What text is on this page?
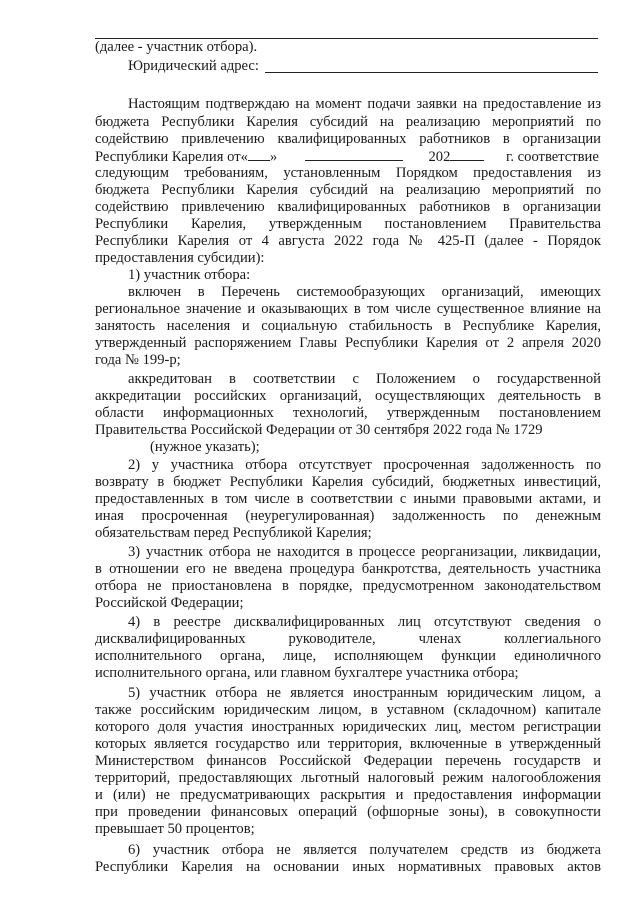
(далее - участник отбора).
Юридический адрес:
Настоящим подтверждаю на момент подачи заявки на предоставление из
бюджета Республики Карелия субсидий на реализацию мероприятий по
содействию привлечению квалифицированных работников в организации
Республики Карелия от« »	202	г. соответствие
следующим требованиям, установленным Порядком предоставления из
бюджета Республики Карелия субсидий на реализацию мероприятий по
содействию привлечению квалифицированных работников в организации
Республики Карелия, утвержденным постановлением Правительства
Республики Карелия от 4 августа 2022 года № 425-П (далее - Порядок
предоставления субсидии):
1) участник отбора:
включен в Перечень системообразующих организаций, имеющих
региональное значение и оказывающих в том числе существенное влияние на
занятость населения и социальную стабильность в Республике Карелия,
утвержденный распоряжением Главы Республики Карелия от 2 апреля 2020
года № 199-р;
аккредитован в соответствии с Положением о государственной
аккредитации российских организаций, осуществляющих деятельность в
области информационных технологий, утвержденным постановлением
Правительства Российской Федерации от 30 сентября 2022 года № 1729
(нужное указать);
2) у участника отбора отсутствует просроченная задолженность по
возврату в бюджет Республики Карелия субсидий, бюджетных инвестиций,
предоставленных в том числе в соответствии с иными правовыми актами, и
иная просроченная (неурегулированная) задолженность по денежным
обязательствам перед Республикой Карелия;
3) участник отбора не находится в процессе реорганизации, ликвидации,
в отношении его не введена процедура банкротства, деятельность участника
отбора не приостановлена в порядке, предусмотренном законодательством
Российской Федерации;
4) в реестре дисквалифицированных лиц отсутствуют сведения о
дисквалифицированных руководителе, членах коллегиального
исполнительного органа, лице, исполняющем функции единоличного
исполнительного органа, или главном бухгалтере участника отбора;
5) участник отбора не является иностранным юридическим лицом, а
также российским юридическим лицом, в уставном (складочном) капитале
которого доля участия иностранных юридических лиц, местом регистрации
которых является государство или территория, включенные в утвержденный
Министерством финансов Российской Федерации перечень государств и
территорий, предоставляющих льготный налоговый режим налогообложения
и (или) не предусматривающих раскрытия и предоставления информации
при проведении финансовых операций (офшорные зоны), в совокупности
превышает 50 процентов;
6) участник отбора не является получателем средств из бюджета
Республики Карелия на основании иных нормативных правовых актов
